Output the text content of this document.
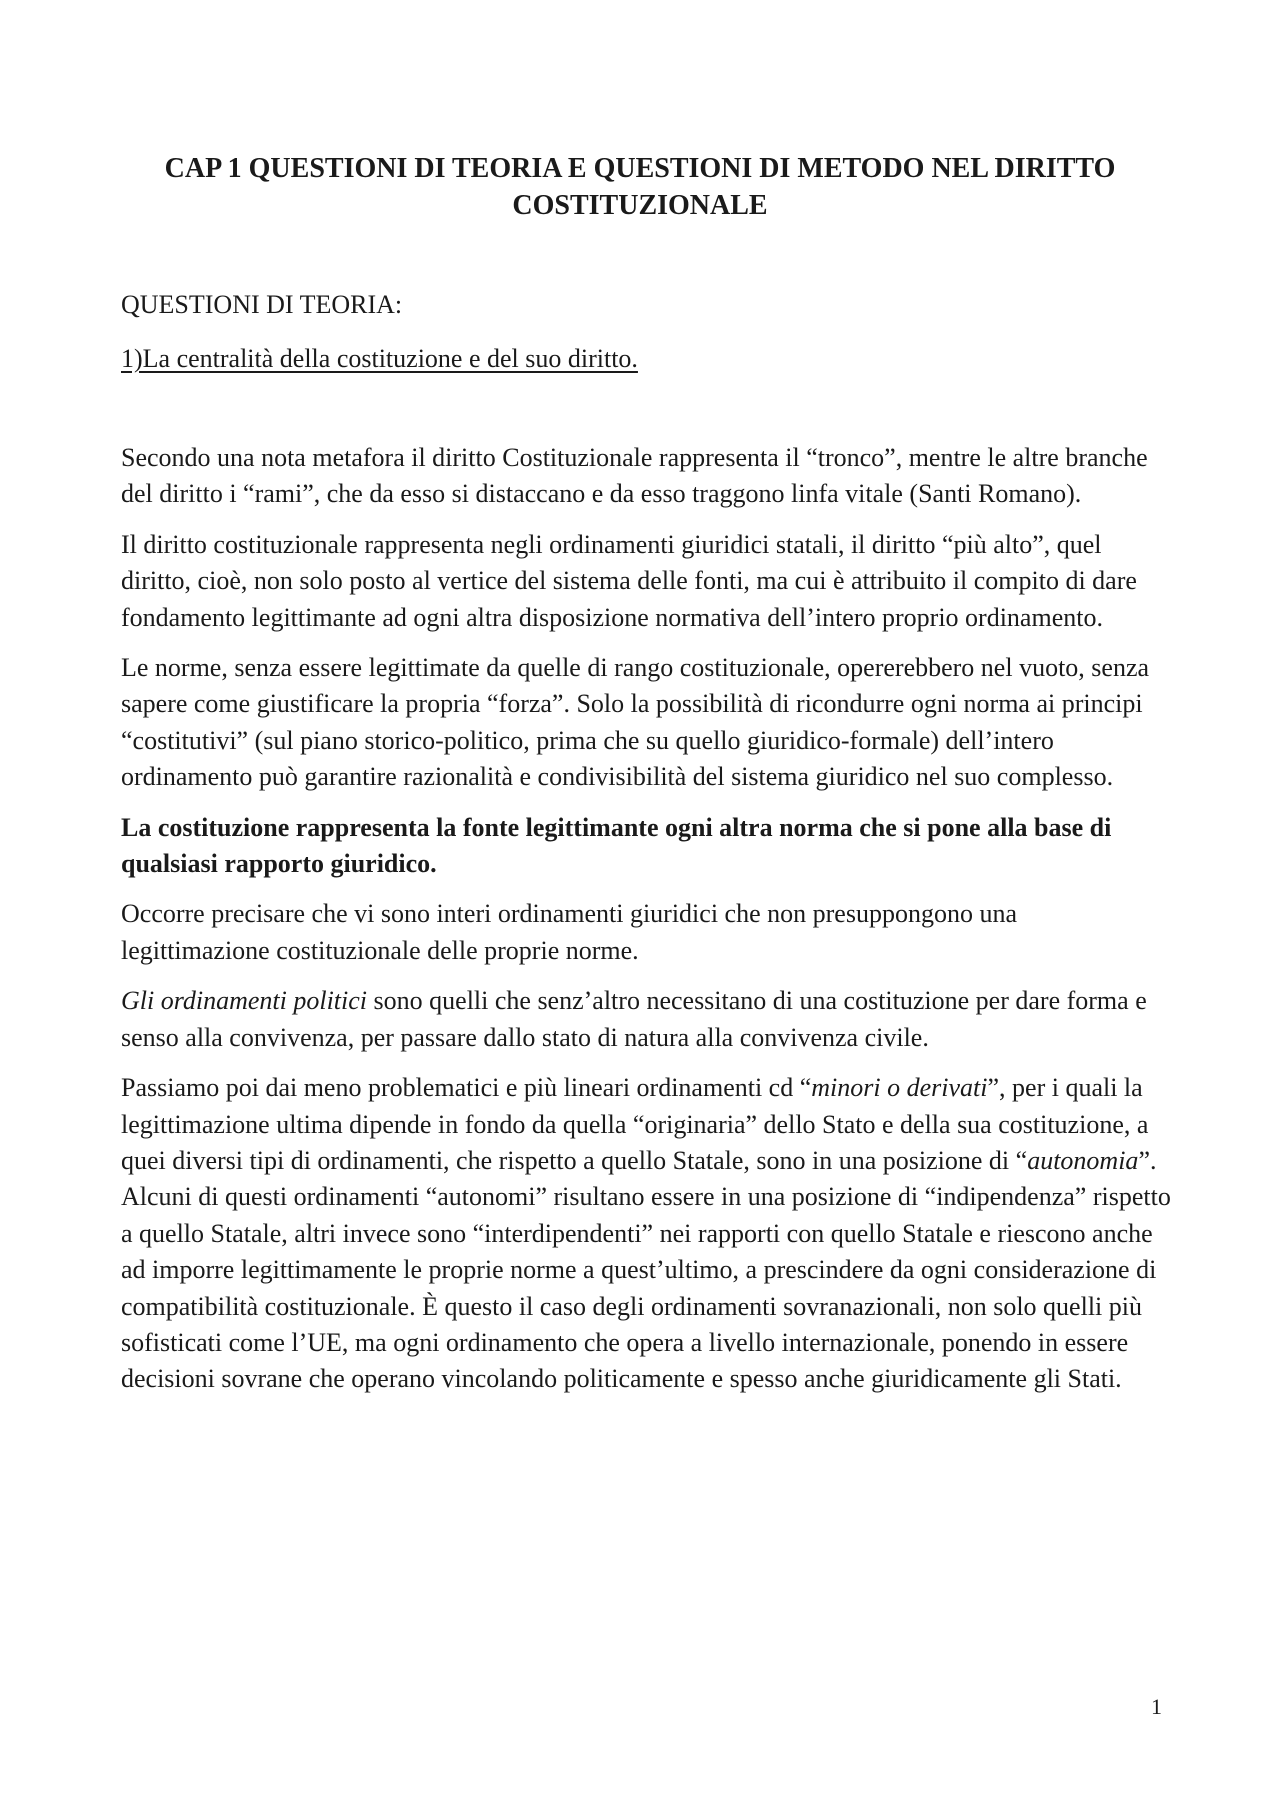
CAP 1 QUESTIONI DI TEORIA E QUESTIONI DI METODO NEL DIRITTO
COSTITUZIONALE

QUESTIONI DI TEORIA:

1)La centralità della costituzione e del suo diritto.

Secondo una nota metafora il diritto Costituzionale rappresenta il “tronco”, mentre le altre branche del diritto i “rami”, che da esso si distaccano e da esso traggono linfa vitale (Santi Romano).

Il diritto costituzionale rappresenta negli ordinamenti giuridici statali, il diritto “più alto”, quel diritto, cioè, non solo posto al vertice del sistema delle fonti, ma cui è attribuito il compito di dare fondamento legittimante ad ogni altra disposizione normativa dell’intero proprio ordinamento.

Le norme, senza essere legittimate da quelle di rango costituzionale, opererebbero nel vuoto, senza sapere come giustificare la propria “forza”. Solo la possibilità di ricondurre ogni norma ai principi “costitutivi” (sul piano storico-politico, prima che su quello giuridico-formale) dell’intero ordinamento può garantire razionalità e condivisibilità del sistema giuridico nel suo complesso.

La costituzione rappresenta la fonte legittimante ogni altra norma che si pone alla base di qualsiasi rapporto giuridico.

Occorre precisare che vi sono interi ordinamenti giuridici che non presuppongono una legittimazione costituzionale delle proprie norme.

Gli ordinamenti politici sono quelli che senz’altro necessitano di una costituzione per dare forma e senso alla convivenza, per passare dallo stato di natura alla convivenza civile.

Passiamo poi dai meno problematici e più lineari ordinamenti cd “minori o derivati”, per i quali la legittimazione ultima dipende in fondo da quella “originaria” dello Stato e della sua costituzione, a quei diversi tipi di ordinamenti, che rispetto a quello Statale, sono in una posizione di “autonomia”. Alcuni di questi ordinamenti “autonomi” risultano essere in una posizione di “indipendenza” rispetto a quello Statale, altri invece sono “interdipendenti” nei rapporti con quello Statale e riescono anche ad imporre legittimamente le proprie norme a quest’ultimo, a prescindere da ogni considerazione di compatibilità costituzionale. È questo il caso degli ordinamenti sovranazionali, non solo quelli più sofisticati come l’UE, ma ogni ordinamento che opera a livello internazionale, ponendo in essere decisioni sovrane che operano vincolando politicamente e spesso anche giuridicamente gli Stati.

1
